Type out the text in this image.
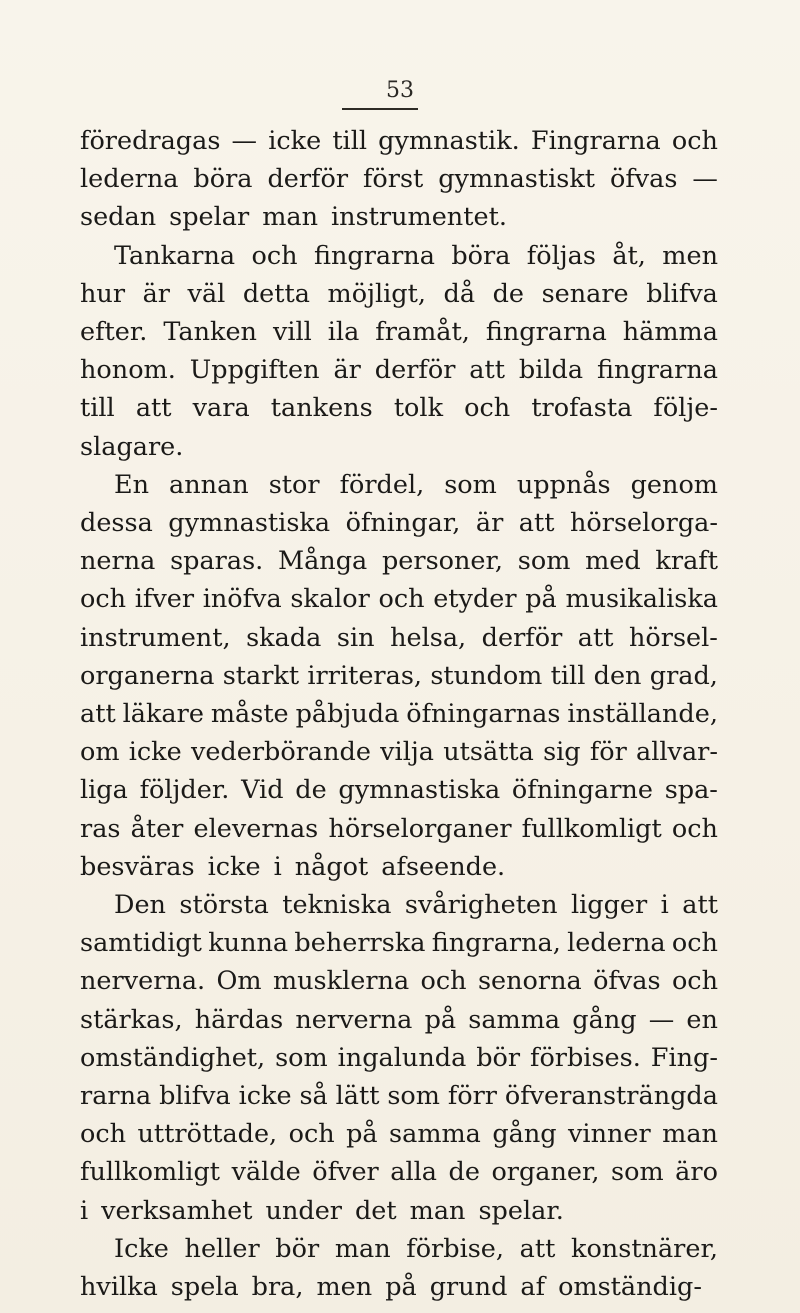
53
föredragas — icke till gymnastik. Fingrarna och
lederna böra derför först gymnastiskt öfvas —
sedan spelar man instrumentet.
Tankarna och fingrarna böra följas åt, men
hur är väl detta möjligt, då de senare blifva
efter. Tanken vill ila framåt, fingrarna hämma
honom. Uppgiften är derför att bilda fingrarna
till att vara tankens tolk och trofasta följe-
slagare.
En annan stor fördel, som uppnås genom
dessa gymnastiska öfningar, är att hörselorga-
nerna sparas. Många personer, som med kraft
och ifver inöfva skalor och etyder på musikaliska
instrument, skada sin helsa, derför att hörsel-
organerna starkt irriteras, stundom till den grad,
att läkare måste påbjuda öfningarnas inställande,
om icke vederbörande vilja utsätta sig för allvar-
liga följder. Vid de gymnastiska öfningarne spa-
ras åter elevernas hörselorganer fullkomligt och
besväras icke i något afseende.
Den största tekniska svårigheten ligger i att
samtidigt kunna beherrska fingrarna, lederna och
nerverna. Om musklerna och senorna öfvas och
stärkas, härdas nerverna på samma gång — en
omständighet, som ingalunda bör förbises. Fing-
rarna blifva icke så lätt som förr öfveransträngda
och uttröttade, och på samma gång vinner man
fullkomligt välde öfver alla de organer, som äro
i verksamhet under det man spelar.
Icke heller bör man förbise, att konstnärer,
hvilka spela bra, men på grund af omständig-
